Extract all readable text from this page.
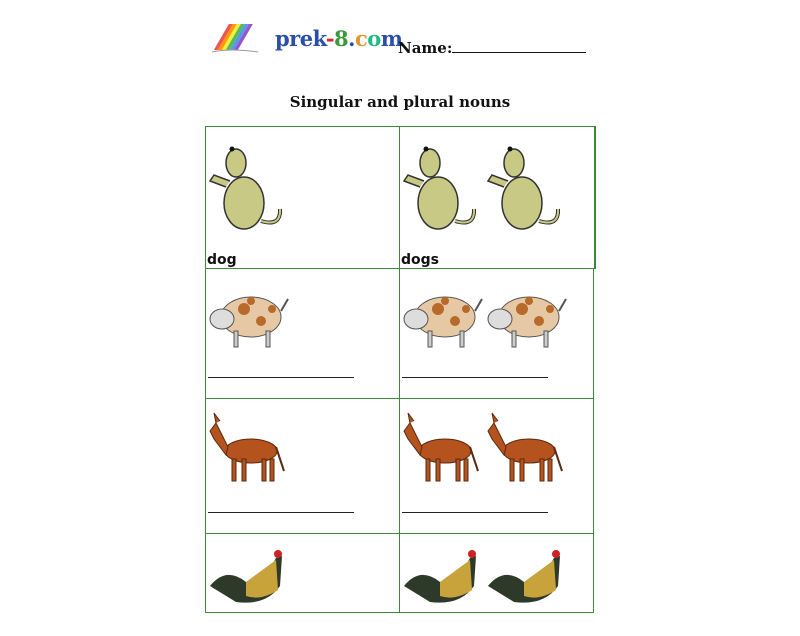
prek-8.com
Name:
Singular and plural nouns
dog	dogs
